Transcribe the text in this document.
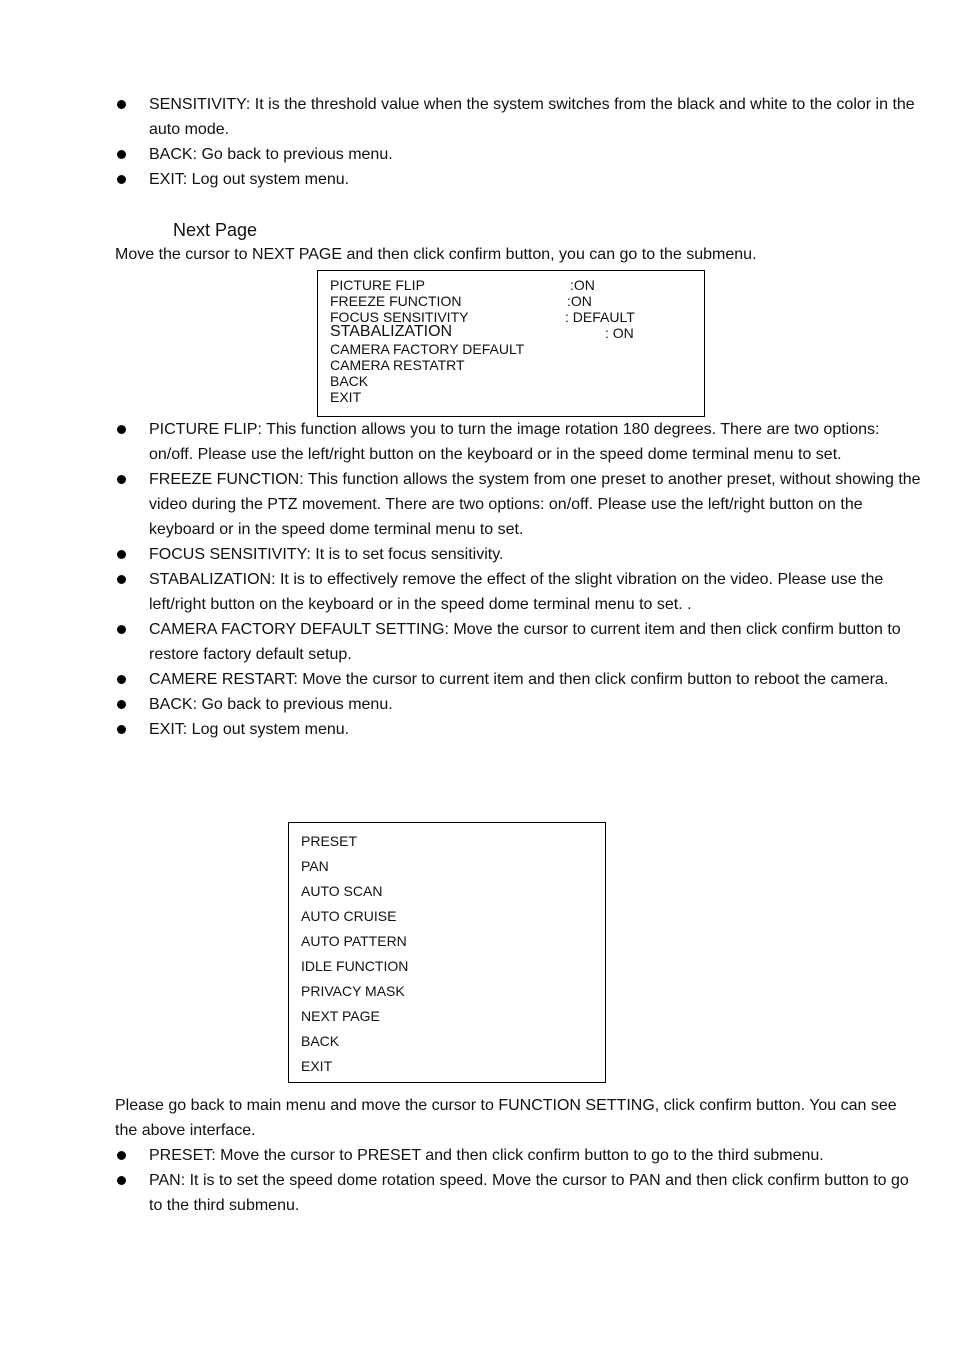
SENSITIVITY: It is the threshold value when the system switches from the black and white to the color in the auto mode.
BACK: Go back to previous menu.
EXIT: Log out system menu.
Next Page
Move the cursor to NEXT PAGE and then click confirm button, you can go to the submenu.
PICTURE FLIP	:ON
FREEZE FUNCTION	:ON
FOCUS SENSITIVITY	: DEFAULT
STABALIZATION	: ON
CAMERA FACTORY DEFAULT
CAMERA RESTATRT
BACK
EXIT
PICTURE FLIP: This function allows you to turn the image rotation 180 degrees. There are two options: on/off. Please use the left/right button on the keyboard or in the speed dome terminal menu to set.
FREEZE FUNCTION: This function allows the system from one preset to another preset, without showing the video during the PTZ movement. There are two options: on/off. Please use the left/right button on the keyboard or in the speed dome terminal menu to set.
FOCUS SENSITIVITY: It is to set focus sensitivity.
STABALIZATION: It is to effectively remove the effect of the slight vibration on the video. Please use the left/right button on the keyboard or in the speed dome terminal menu to set. .
CAMERA FACTORY DEFAULT SETTING: Move the cursor to current item and then click confirm button to restore factory default setup.
CAMERE RESTART: Move the cursor to current item and then click confirm button to reboot the camera.
BACK: Go back to previous menu.
EXIT: Log out system menu.
PRESET
PAN
AUTO SCAN
AUTO CRUISE
AUTO PATTERN
IDLE FUNCTION
PRIVACY MASK
NEXT PAGE
BACK
EXIT
Please go back to main menu and move the cursor to FUNCTION SETTING, click confirm button. You can see the above interface.
PRESET: Move the cursor to PRESET and then click confirm button to go to the third submenu.
PAN: It is to set the speed dome rotation speed. Move the cursor to PAN and then click confirm button to go to the third submenu.
